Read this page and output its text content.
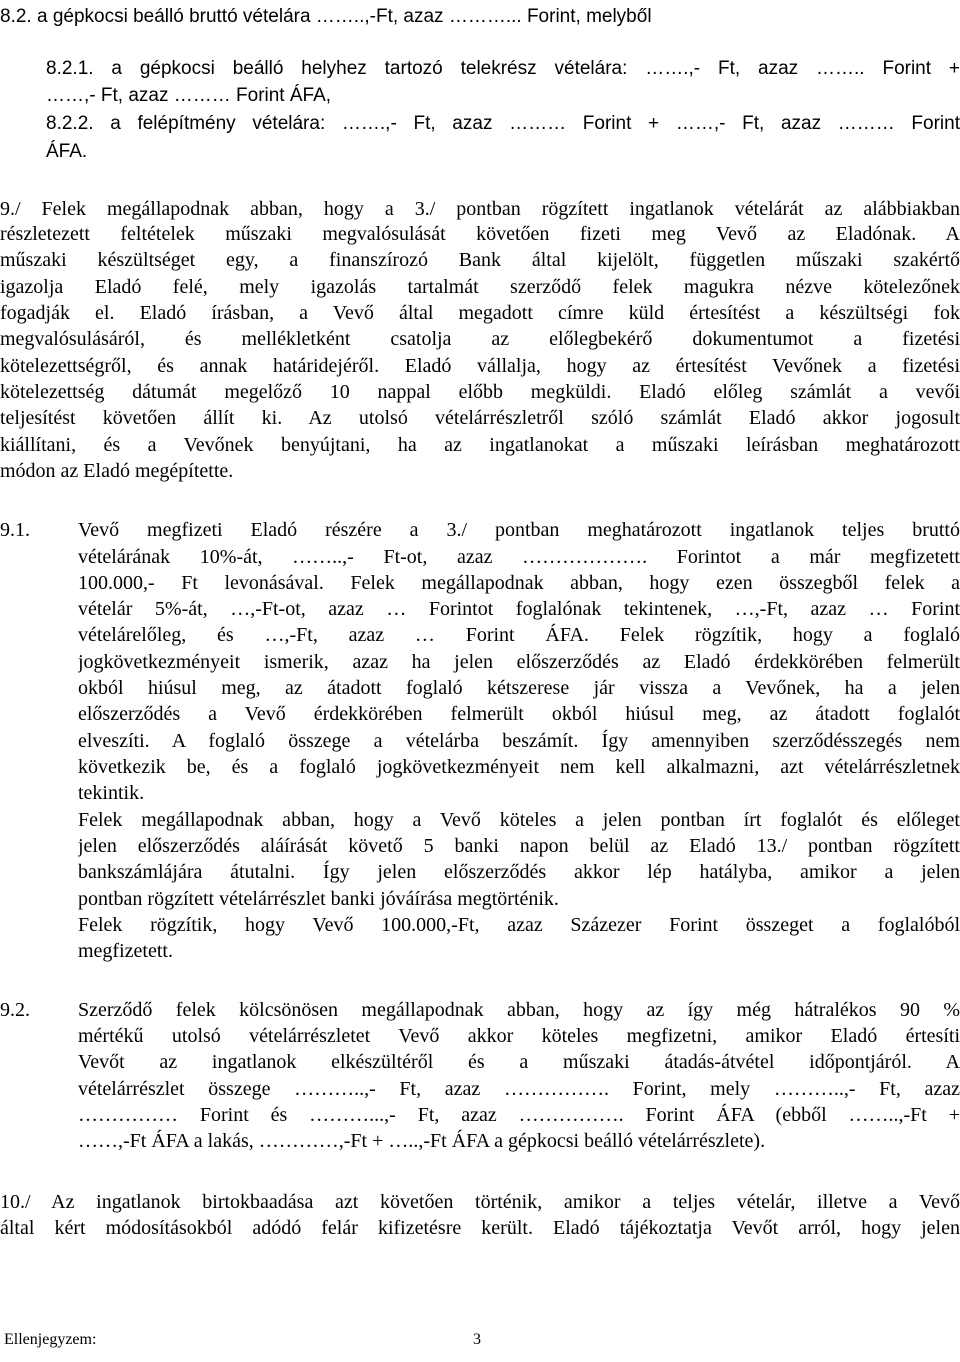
8.2. a gépkocsi beálló bruttó vételára ……..,-Ft, azaz ………... Forint, melyből

8.2.1. a gépkocsi beálló helyhez tartozó telekrész vételára: …….,- Ft, azaz …….. Forint +

……,- Ft, azaz ……… Forint ÁFA,

8.2.2. a felépítmény vételára: …….,- Ft, azaz ……… Forint + ……,- Ft, azaz ……… Forint

ÁFA.

9./ Felek megállapodnak abban, hogy a 3./ pontban rögzített ingatlanok vételárát az alábbiakban

részletezett feltételek műszaki megvalósulását követően fizeti meg Vevő az Eladónak. A

műszaki készültséget egy, a finanszírozó Bank által kijelölt, független műszaki szakértő

igazolja Eladó felé, mely igazolás tartalmát szerződő felek magukra nézve kötelezőnek

fogadják el. Eladó írásban, a Vevő által megadott címre küld értesítést a készültségi fok

megvalósulásáról, és mellékletként csatolja az előlegbekérő dokumentumot a fizetési

kötelezettségről, és annak határidejéről. Eladó vállalja, hogy az értesítést Vevőnek a fizetési

kötelezettség dátumát megelőző 10 nappal előbb megküldi. Eladó előleg számlát a vevői

teljesítést követően állít ki. Az utolsó vételárrészletről szóló számlát Eladó akkor jogosult

kiállítani, és a Vevőnek benyújtani, ha az ingatlanokat a műszaki leírásban meghatározott

módon az Eladó megépítette.

9.1. Vevő megfizeti Eladó részére a 3./ pontban meghatározott ingatlanok teljes bruttó

vételárának 10%-át, ……..,- Ft-ot, azaz ………………. Forintot a már megfizetett

100.000,- Ft levonásával. Felek megállapodnak abban, hogy ezen összegből felek a

vételár 5%-át, …,-Ft-ot, azaz … Forintot foglalónak tekintenek, …,-Ft, azaz … Forint

vételárelőleg, és …,-Ft, azaz … Forint ÁFA. Felek rögzítik, hogy a foglaló

jogkövetkezményeit ismerik, azaz ha jelen előszerződés az Eladó érdekkörében felmerült

okból hiúsul meg, az átadott foglaló kétszerese jár vissza a Vevőnek, ha a jelen

előszerződés a Vevő érdekkörében felmerült okból hiúsul meg, az átadott foglalót

elveszíti. A foglaló összege a vételárba beszámít. Így amennyiben szerződésszegés nem

következik be, és a foglaló jogkövetkezményeit nem kell alkalmazni, azt vételárrészletnek

tekintik.

Felek megállapodnak abban, hogy a Vevő köteles a jelen pontban írt foglalót és előleget

jelen előszerződés aláírását követő 5 banki napon belül az Eladó 13./ pontban rögzített

bankszámlájára átutalni. Így jelen előszerződés akkor lép hatályba, amikor a jelen

pontban rögzített vételárrészlet banki jóváírása megtörténik.

Felek rögzítik, hogy Vevő 100.000,-Ft, azaz Százezer Forint összeget a foglalóból

megfizetett.

9.2. Szerződő felek kölcsönösen megállapodnak abban, hogy az így még hátralékos 90 %

mértékű utolsó vételárrészletet Vevő akkor köteles megfizetni, amikor Eladó értesíti

Vevőt az ingatlanok elkészültéről és a műszaki átadás-átvétel időpontjáról. A

vételárrészlet összege ………..,- Ft, azaz ……………. Forint, mely ………..,- Ft, azaz

…………… Forint és ………...,- Ft, azaz ……………. Forint ÁFA (ebből ……..,-Ft +

……,-Ft ÁFA a lakás, …………,-Ft + …..,-Ft ÁFA a gépkocsi beálló vételárrészlete).

10./ Az ingatlanok birtokbaadása azt követően történik, amikor a teljes vételár, illetve a Vevő

által kért módosításokból adódó felár kifizetésre került. Eladó tájékoztatja Vevőt arról, hogy jelen

Ellenjegyzem:	3
